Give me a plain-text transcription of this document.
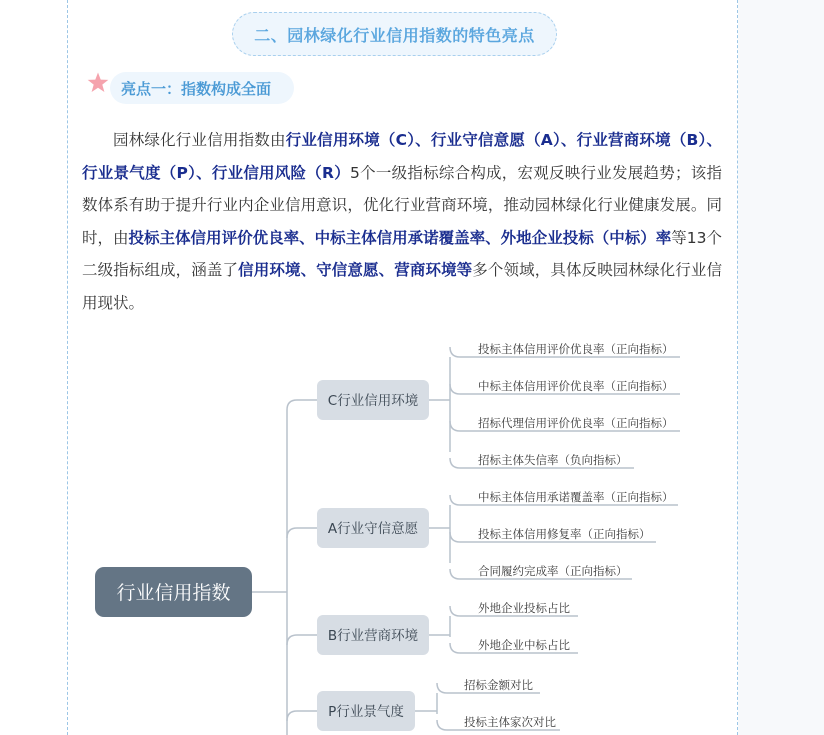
二、园林绿化行业信用指数的特色亮点
亮点一：指数构成全面

园林绿化行业信用指数由行业信用环境（C）、行业守信意愿（A）、行业营商环境（B）、行业景气度（P）、行业信用风险（R）5个一级指标综合构成，宏观反映行业发展趋势；该指数体系有助于提升行业内企业信用意识，优化行业营商环境，推动园林绿化行业健康发展。同时，由投标主体信用评价优良率、中标主体信用承诺覆盖率、外地企业投标（中标）率等13个二级指标组成，涵盖了信用环境、守信意愿、营商环境等多个领域，具体反映园林绿化行业信用现状。

行业信用指数
C行业信用环境
投标主体信用评价优良率（正向指标）
中标主体信用评价优良率（正向指标）
招标代理信用评价优良率（正向指标）
招标主体失信率（负向指标）
A行业守信意愿
中标主体信用承诺覆盖率（正向指标）
投标主体信用修复率（正向指标）
合同履约完成率（正向指标）
B行业营商环境
外地企业投标占比
外地企业中标占比
P行业景气度
招标金额对比
投标主体家次对比
